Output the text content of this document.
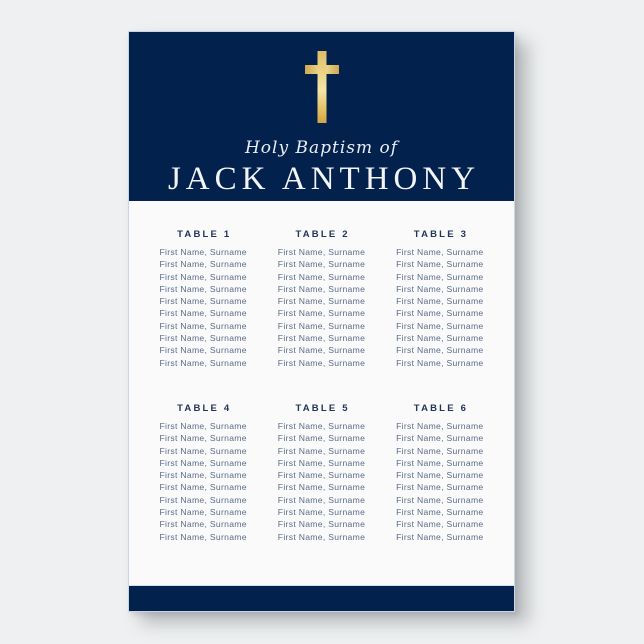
Holy Baptism of
JACK ANTHONY
TABLE 1
First Name, Surname
First Name, Surname
First Name, Surname
First Name, Surname
First Name, Surname
First Name, Surname
First Name, Surname
First Name, Surname
First Name, Surname
First Name, Surname
TABLE 2
First Name, Surname
First Name, Surname
First Name, Surname
First Name, Surname
First Name, Surname
First Name, Surname
First Name, Surname
First Name, Surname
First Name, Surname
First Name, Surname
TABLE 3
First Name, Surname
First Name, Surname
First Name, Surname
First Name, Surname
First Name, Surname
First Name, Surname
First Name, Surname
First Name, Surname
First Name, Surname
First Name, Surname
TABLE 4
First Name, Surname
First Name, Surname
First Name, Surname
First Name, Surname
First Name, Surname
First Name, Surname
First Name, Surname
First Name, Surname
First Name, Surname
First Name, Surname
TABLE 5
First Name, Surname
First Name, Surname
First Name, Surname
First Name, Surname
First Name, Surname
First Name, Surname
First Name, Surname
First Name, Surname
First Name, Surname
First Name, Surname
TABLE 6
First Name, Surname
First Name, Surname
First Name, Surname
First Name, Surname
First Name, Surname
First Name, Surname
First Name, Surname
First Name, Surname
First Name, Surname
First Name, Surname
